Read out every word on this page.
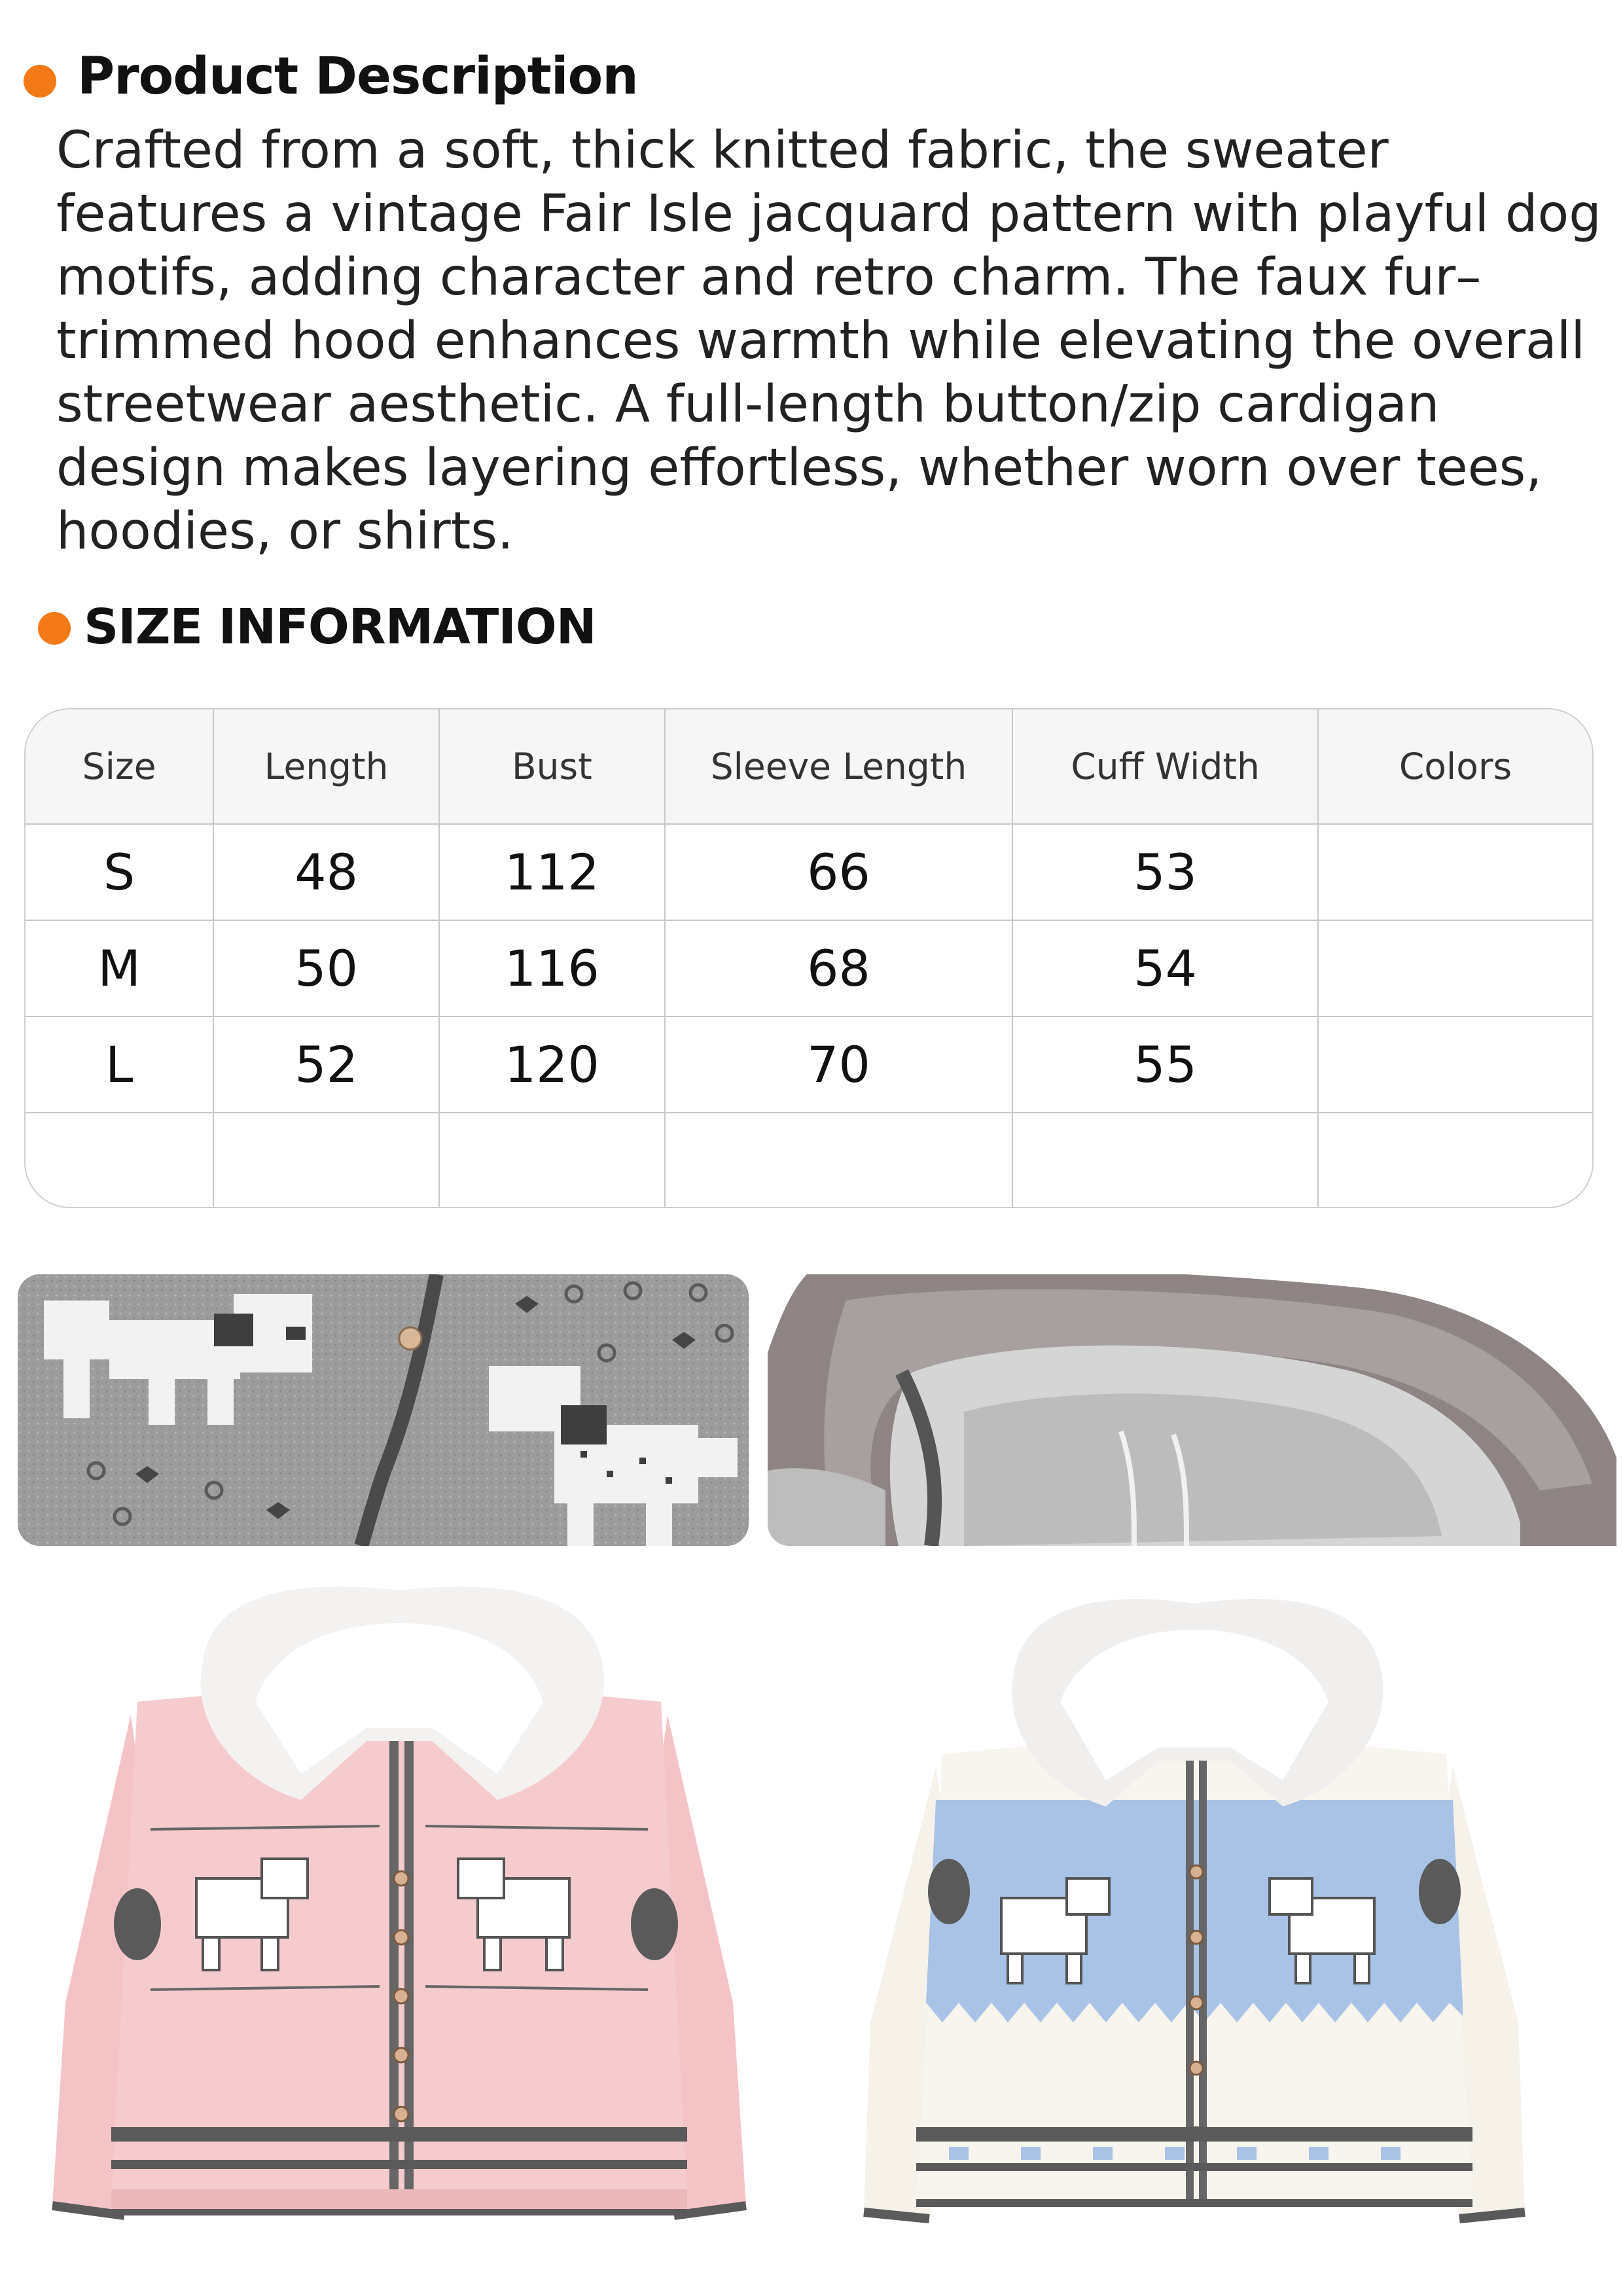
Product Description

Crafted from a soft, thick knitted fabric, the sweater
features a vintage Fair Isle jacquard pattern with playful dog
motifs, adding character and retro charm. The faux fur–
trimmed hood enhances warmth while elevating the overall
streetwear aesthetic. A full-length button/zip cardigan
design makes layering effortless, whether worn over tees,
hoodies, or shirts.

SIZE INFORMATION
Size	Length	Bust	Sleeve Length	Cuff Width	Colors
S	48	112	66	53	
M	50	116	68	54	
L	52	120	70	55	
